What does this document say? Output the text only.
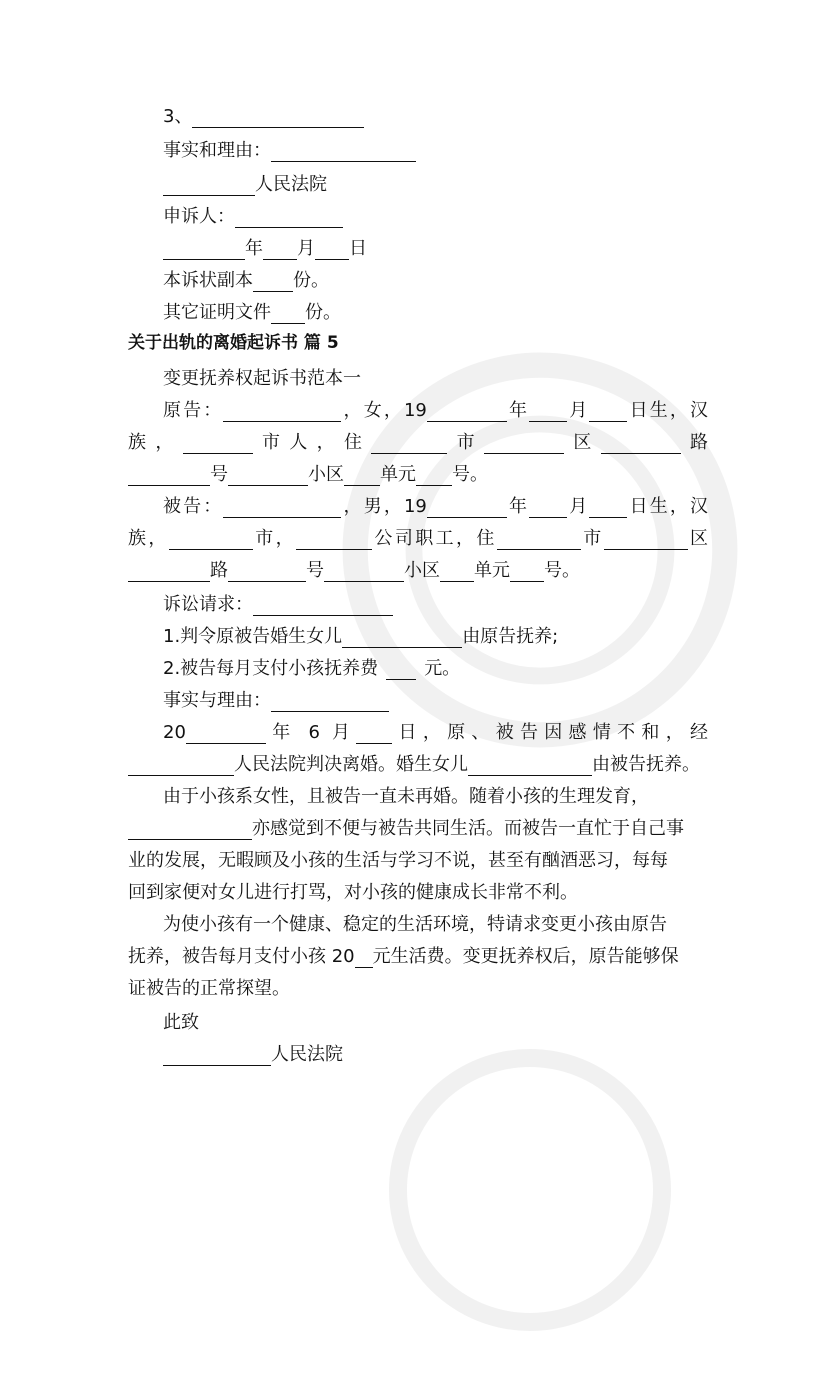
3、
事实和理由：
人民法院
申诉人：
年 月 日
本诉状副本 份。
其它证明文件 份。
关于出轨的离婚起诉书 篇 5
变更抚养权起诉书范本一
原告：	，女，19	年 月 日生，汉
族，	市人，住	市	区	路
号	小区 单元 号。
被告：	，男，19	年 月 日生，汉
族，	市，	公司职工，住	市	区
路	号	小区 单元 号。
诉讼请求：
1.判令原被告婚生女儿	由原告抚养;
2.被告每月支付小孩抚养费	元。
事实与理由：
20	年 6 月 日，原、被告因感情不和，经
人民法院判决离婚。婚生女儿	由被告抚养。
由于小孩系女性，且被告一直未再婚。随着小孩的生理发育，
亦感觉到不便与被告共同生活。而被告一直忙于自己事
业的发展，无暇顾及小孩的生活与学习不说，甚至有酗酒恶习，每每
回到家便对女儿进行打骂，对小孩的健康成长非常不利。
为使小孩有一个健康、稳定的生活环境，特请求变更小孩由原告
抚养，被告每月支付小孩 20 元生活费。变更抚养权后，原告能够保
证被告的正常探望。
此致
人民法院
